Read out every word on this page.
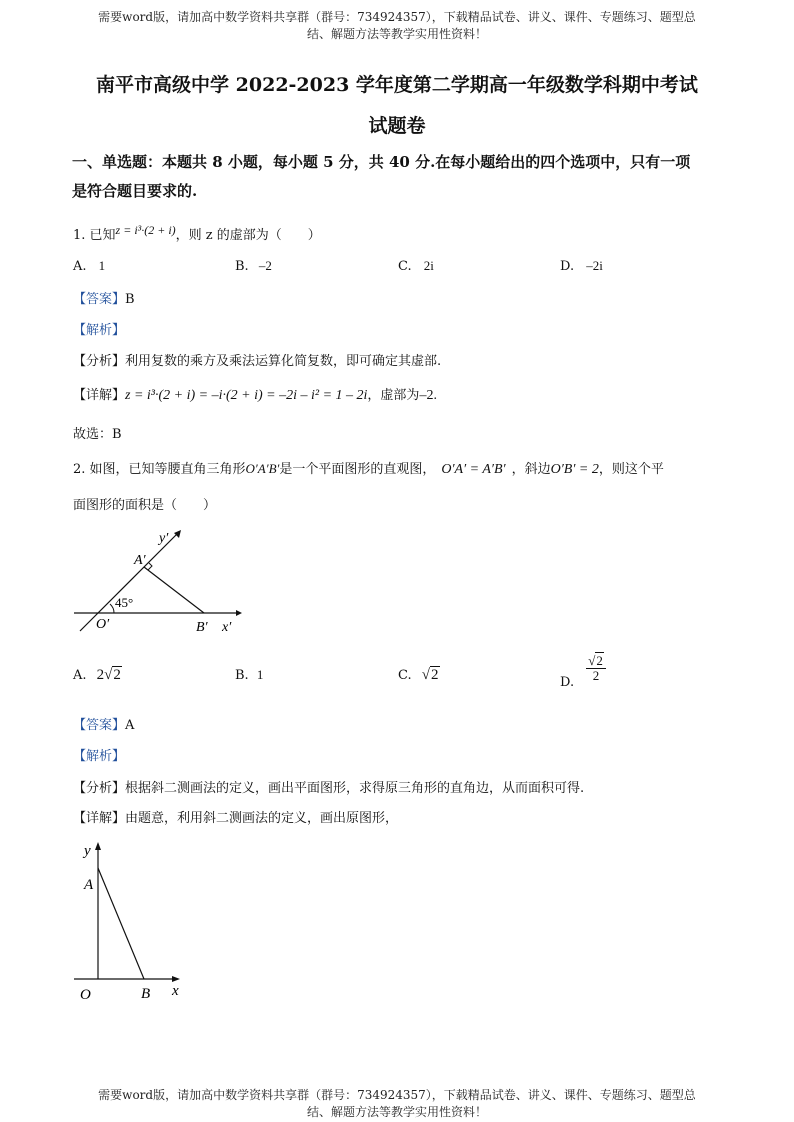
需要word版，请加高中数学资料共享群（群号：734924357），下载精品试卷、讲义、课件、专题练习、题型总
结、解题方法等教学实用性资料！
南平市高级中学 2022-2023 学年度第二学期高一年级数学科期中考试
试题卷
一、单选题：本题共 8 小题，每小题 5 分，共 40 分.在每小题给出的四个选项中，只有一项
是符合题目要求的.
1. 已知z = i³·(2 + i)，则 z 的虚部为（　　）
A. 1	B. –2	C. 2i	D. –2i
【答案】B
【解析】
【分析】利用复数的乘方及乘法运算化简复数，即可确定其虚部.
【详解】z = i³·(2 + i) = –i·(2 + i) = –2i – i² = 1 – 2i，虚部为–2.
故选：B
2. 如图，已知等腰直角三角形O′A′B′是一个平面图形的直观图， O′A′ = A′B′ ，斜边O′B′ = 2，则这个平
面图形的面积是（　　）
y′
A′
45°
O′	B′ x′
A. 2√2	B. 1	C. √2	D. $\frac{√2}{2}$
【答案】A
【解析】
【分析】根据斜二测画法的定义，画出平面图形，求得原三角形的直角边，从而面积可得.
【详解】由题意，利用斜二测画法的定义，画出原图形，
y
A
O	B x
需要word版，请加高中数学资料共享群（群号：734924357），下载精品试卷、讲义、课件、专题练习、题型总
结、解题方法等教学实用性资料！
